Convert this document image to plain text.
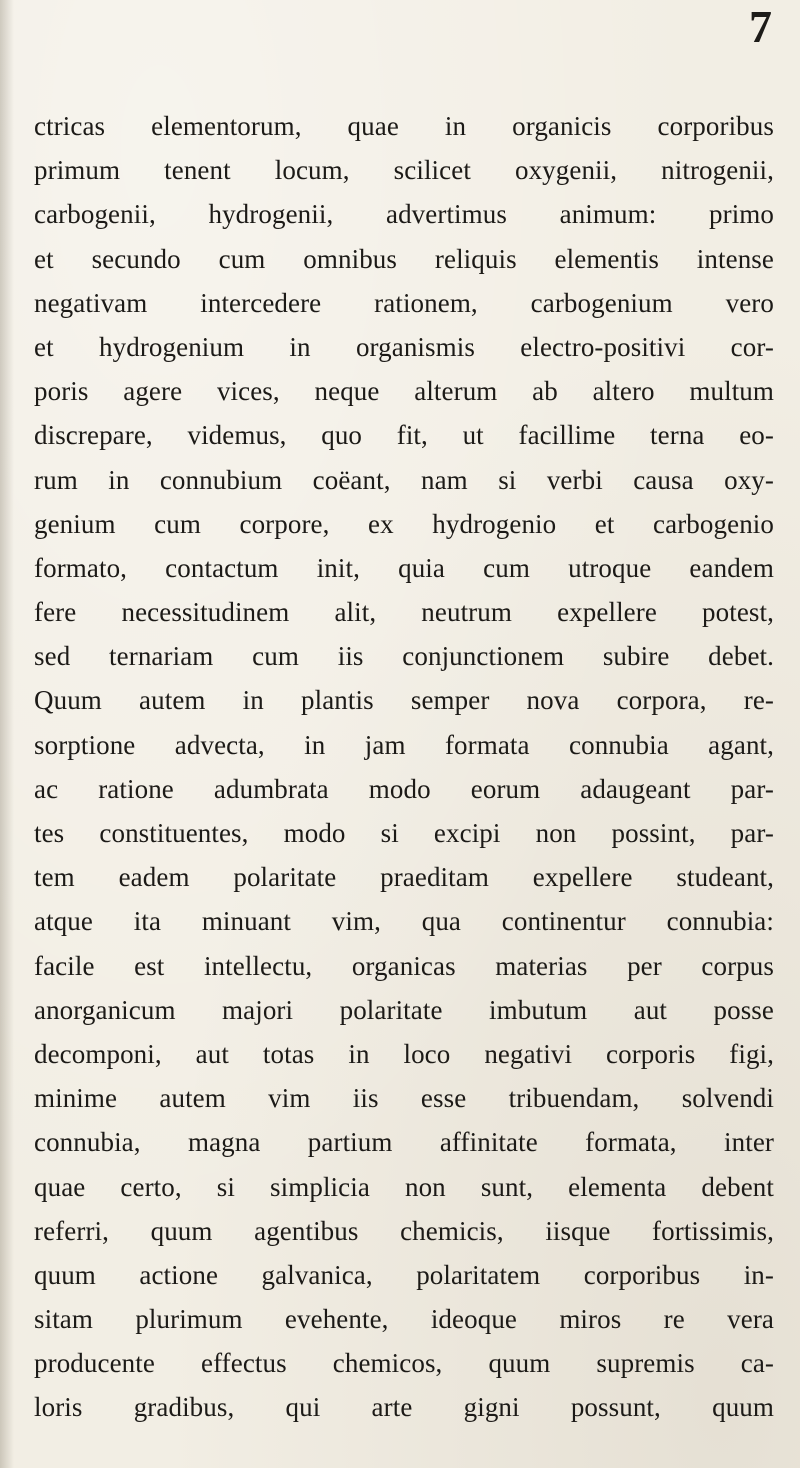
7
ctricas elementorum, quae in organicis corporibus
primum tenent locum, scilicet oxygenii, nitrogenii,
carbogenii, hydrogenii, advertimus animum: primo
et secundo cum omnibus reliquis elementis intense
negativam intercedere rationem, carbogenium vero
et hydrogenium in organismis electro-positivi cor-
poris agere vices, neque alterum ab altero multum
discrepare, videmus, quo fit, ut facillime terna eo-
rum in connubium coëant, nam si verbi causa oxy-
genium cum corpore, ex hydrogenio et carbogenio
formato, contactum init, quia cum utroque eandem
fere necessitudinem alit, neutrum expellere potest,
sed ternariam cum iis conjunctionem subire debet.
Quum autem in plantis semper nova corpora, re-
sorptione advecta, in jam formata connubia agant,
ac ratione adumbrata modo eorum adaugeant par-
tes constituentes, modo si excipi non possint, par-
tem eadem polaritate praeditam expellere studeant,
atque ita minuant vim, qua continentur connubia:
facile est intellectu, organicas materias per corpus
anorganicum majori polaritate imbutum aut posse
decomponi, aut totas in loco negativi corporis figi,
minime autem vim iis esse tribuendam, solvendi
connubia, magna partium affinitate formata, inter
quae certo, si simplicia non sunt, elementa debent
referri, quum agentibus chemicis, iisque fortissimis,
quum actione galvanica, polaritatem corporibus in-
sitam plurimum evehente, ideoque miros re vera
producente effectus chemicos, quum supremis ca-
loris gradibus, qui arte gigni possunt, quum
